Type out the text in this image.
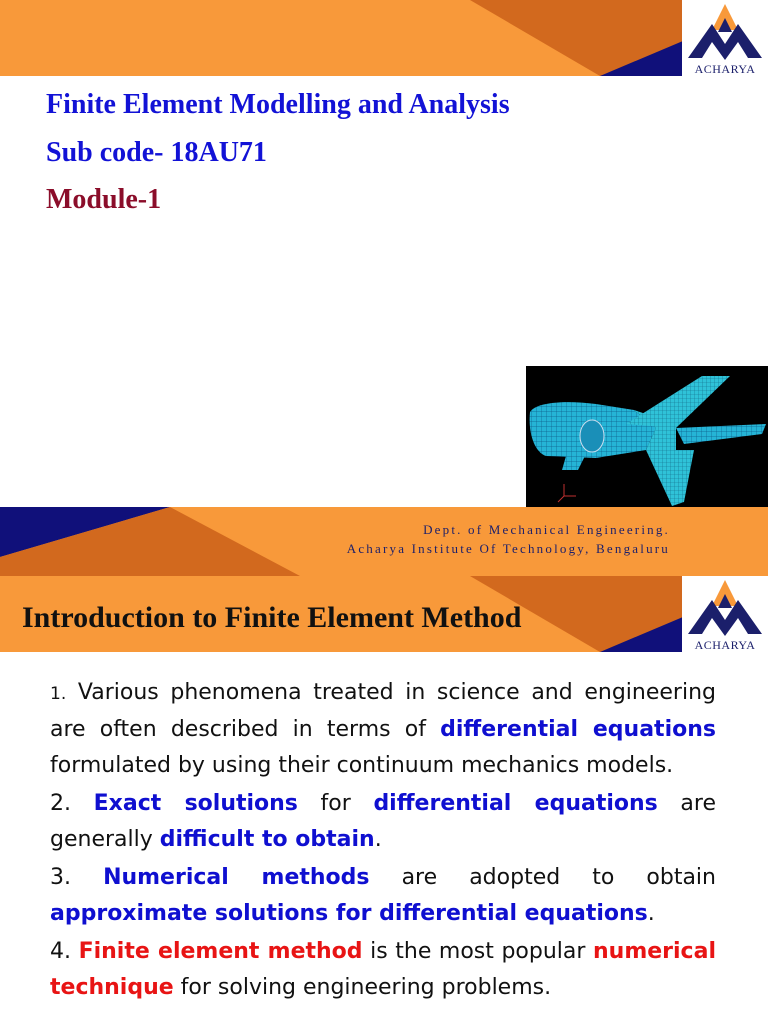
ACHARYA
Finite Element Modelling and Analysis
Sub code- 18AU71
Module-1

Dept. of Mechanical Engineering.

Acharya Institute Of Technology, Bengaluru

ACHARYA
Introduction to Finite Element Method

1. Various phenomena treated in science and engineering are often described in terms of differential equations formulated by using their continuum mechanics models.

2. Exact solutions for differential equations are generally difficult to obtain.

3. Numerical methods are adopted to obtain approximate solutions for differential equations.

4. Finite element method is the most popular numerical technique for solving engineering problems.
